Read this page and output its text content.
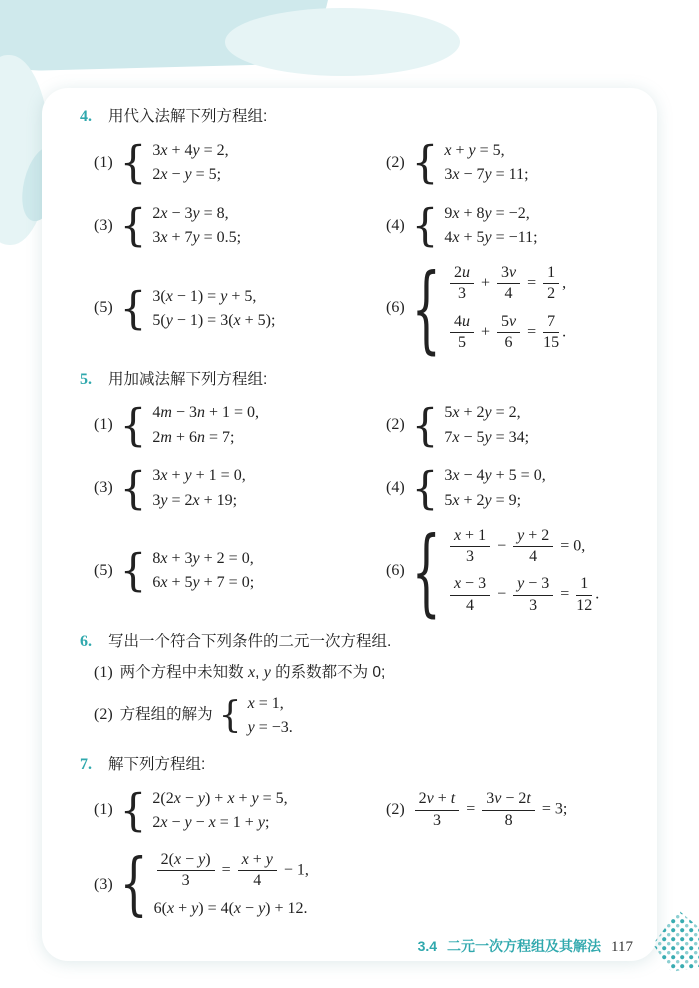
4.	用代入法解下列方程组:
(1)
{
3x + 4y = 2,
2x − y = 5;
(2)
{
x + y = 5,
3x − 7y = 11;
(3)
{
2x − 3y = 8,
3x + 7y = 0.5;
(4)
{
9x + 8y = −2,
4x + 5y = −11;
(5)
{
3(x − 1) = y + 5,
5(y − 1) = 3(x + 5);
(6)
{
$\frac{2u}{3} + \frac{3v}{4} = \frac{1}{2}$ ,
$\frac{4u}{5} + \frac{5v}{6} = \frac{7}{15}$ .
5.	用加减法解下列方程组:
(1)
{
4m − 3n + 1 = 0,
2m + 6n = 7;
(2)
{
5x + 2y = 2,
7x − 5y = 34;
(3)
{
3x + y + 1 = 0,
3y = 2x + 19;
(4)
{
3x − 4y + 5 = 0,
5x + 2y = 9;
(5)
{
8x + 3y + 2 = 0,
6x + 5y + 7 = 0;
(6)
{
$\frac{x + 1}{3} - \frac{y + 2}{4} = 0$,
$\frac{x - 3}{4} - \frac{y - 3}{3} = \frac{1}{12}$ .
6.	写出一个符合下列条件的二元一次方程组.
(1) 两个方程中未知数 x, y 的系数都不为 0;
(2) 方程组的解为
{
x = 1,
y = −3.
7.	解下列方程组:
(1)
{
2(2x − y) + x + y = 5,
2x − y − x = 1 + y;
$(2) \frac{2v + t}{3} = \frac{3v - 2t}{8} = 3$;
(3) {	$\frac{2(x - y)}{3} = \frac{x + y}{4} - 1$,
6(x + y) = 4(x − y) + 12.
3.4 二元一次方程组及其解法 117
